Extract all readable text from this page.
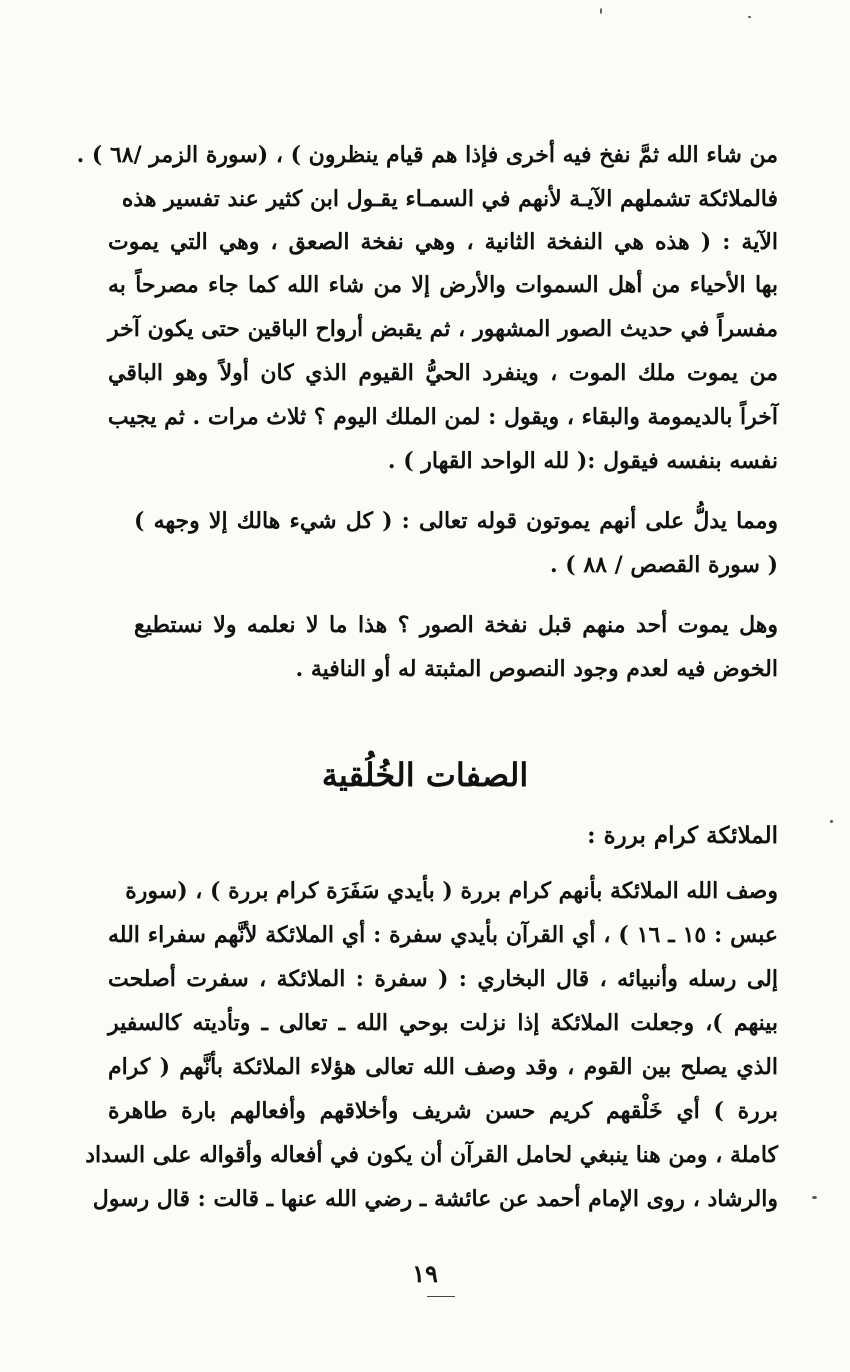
من شاء الله ثمَّ نفخ فيه أخرى فإذا هم قيام ينظرون ) ، (سورة الزمر /٦٨ ) .
فالملائكة تشملهم الآيـة لأنهم في السمـاء يقـول ابن كثير عند تفسير هذه
الآية : ( هذه هي النفخة الثانية ، وهي نفخة الصعق ، وهي التي يموت
بها الأحياء من أهل السموات والأرض إلا من شاء الله كما جاء مصرحاً به
مفسراً في حديث الصور المشهور ، ثم يقبض أرواح الباقين حتى يكون آخر
من يموت ملك الموت ، وينفرد الحيُّ القيوم الذي كان أولاً وهو الباقي
آخراً بالديمومة والبقاء ، ويقول : لمن الملك اليوم ؟ ثلاث مرات . ثم يجيب
نفسه بنفسه فيقول :( لله الواحد القهار ) .
ومما يدلُّ على أنهم يموتون قوله تعالى : ( كل شيء هالك إلا وجهه )
( سورة القصص / ٨٨ ) .
وهل يموت أحد منهم قبل نفخة الصور ؟ هذا ما لا نعلمه ولا نستطيع
الخوض فيه لعدم وجود النصوص المثبتة له أو النافية .
الصفات الخُلُقية
الملائكة كرام بررة :
وصف الله الملائكة بأنهم كرام بررة ( بأيدي سَفَرَة كرام بررة ) ، (سورة
عبس : ١٥ ـ ١٦ ) ، أي القرآن بأيدي سفرة : أي الملائكة لأنَّهم سفراء الله
إلى رسله وأنبيائه ، قال البخاري : ( سفرة : الملائكة ، سفرت أصلحت
بينهم )، وجعلت الملائكة إذا نزلت بوحي الله ـ تعالى ـ وتأديته كالسفير
الذي يصلح بين القوم ، وقد وصف الله تعالى هؤلاء الملائكة بأنَّهم ( كرام
بررة ) أي خَلْقهم كريم حسن شريف وأخلاقهم وأفعالهم بارة طاهرة
كاملة ، ومن هنا ينبغي لحامل القرآن أن يكون في أفعاله وأقواله على السداد
والرشاد ، روى الإمام أحمد عن عائشة ـ رضي الله عنها ـ قالت : قال رسول
١٩
